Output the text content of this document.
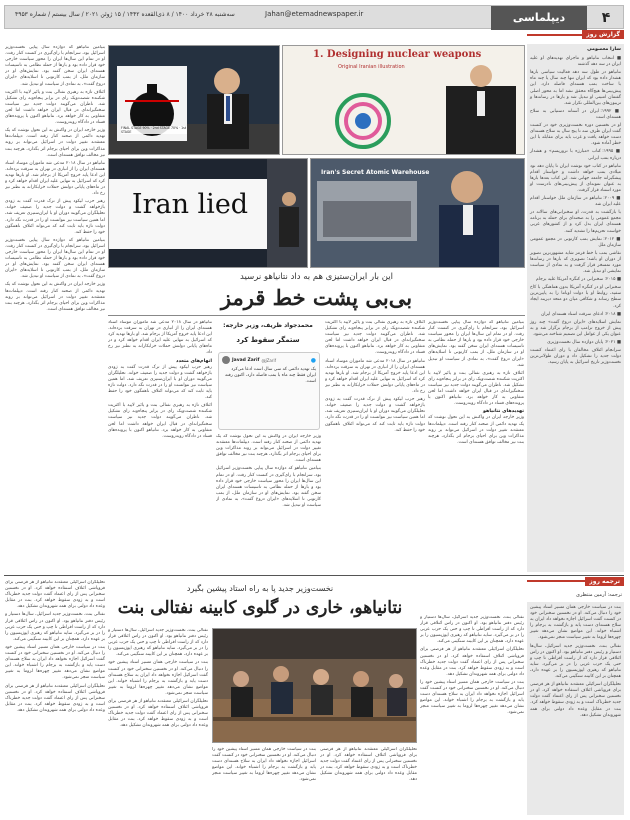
۴
دیپلماسی
Jahan@etemadnewspaper.ir
سه‌شنبه ۲۸ خرداد ۱۴۰۰ / ۸ ذی‌القعده ۱۴۴۲ / ۱۵ ژوئن ۲۰۲۱ / سال بیستم / شماره ۴۹۵۳
گزارش روز
سارا معصومی

■ انتخاب نتانیاهو و ماجرای تهدیدهای او علیه ایران در سه دهه گذشته

نتانیاهو در طول سه دهه فعالیت سیاسی بارها هشدار داده بود که ایران تنها چند سال یا چند ماه با ساخت بمب هسته‌ای فاصله دارد. این پیش‌بینی‌ها هیچ‌گاه محقق نشد اما به محور اصلی گفتمان امنیتی او تبدیل شد و بارها در رسانه‌ها و تریبون‌های بین‌المللی تکرار شد.

■ ۱۹۹۲: ایران در آستانه دستیابی به سلاح هسته‌ای است

او در نخستین دوره نخست‌وزیری خود در کنست گفت ایران ظرف سه تا پنج سال به سلاح هسته‌ای دست خواهد یافت و غرب باید برای مقابله با این خطر آماده شود.

■ ۱۹۹۵: کتاب «مبارزه با تروریسم» و هشدار درباره بمب ایرانی

نتانیاهو در کتاب خود نوشت ایران تا پایان دهه نود میلادی بمب خواهد داشت و خواستار اقدام پیشگیرانه جامعه جهانی شد. این کتاب بعدها بارها به عنوان نمونه‌ای از پیش‌بینی‌های نادرست او مورد استناد قرار گرفت.

■ ۲۰۰۹: نتانیاهو در سازمان ملل خواستار اقدام علیه ایران شد

با بازگشت به قدرت، او سخنرانی‌های سالانه در مجمع عمومی را به صحنه‌ای برای حمله به برنامه هسته‌ای ایران بدل کرد و از کشورهای غربی خواست تحریم‌ها را تشدید کنند.

■ ۲۰۱۲: نمایش بمب کارتونی در مجمع عمومی سازمان ملل

نقاشی بمب با خط قرمز شاید مشهورترین تصویر از دوران او باشد؛ تصویری که بارها در رسانه‌ها مورد تمسخر قرار گرفت و به نمادی از سیاست نمایشی او تبدیل شد.

■ ۲۰۱۵: سخنرانی در کنگره آمریکا علیه برجام

سخنرانی او در کنگره آمریکا بدون هماهنگی با کاخ سفید، روابط او با دولت اوباما را به پایین‌ترین سطح رساند و شکافی میان دو متحد دیرینه ایجاد کرد.

■ ۲۰۱۸: ادعای سرقت اسناد هسته‌ای ایران

نمایش اسلایدهای «ایران دروغ گفت» چند روز پیش از خروج ترامپ از برجام برگزار شد و به عنوان یکی از عوامل این تصمیم شناخته می‌شود.

■ ۲۰۲۱: پایان دوازده سال نخست‌وزیری

سرانجام ائتلاف مخالفان با رای اعتماد کنست دولت جدید را تشکیل داد و دوران طولانی‌ترین نخست‌وزیر تاریخ اسرائیل به پایان رسید.

FINAL STAGE 90% · 2nd STAGE 70% · 1st STAGE
1. Designing nuclear weapons
Original Iranian illustration
Iran lied
Iran's Secret Atomic Warehouse
این بار ایران‌ستیزی هم به داد نتانیاهو نرسید
بی‌بی پشت خط قرمز
محمدجواد ظریف، وزیر خارجه:
ستمگر سقوط کرد
Javad Zarif @JZarif	●
یک تهدید دائمی که سی سال است ادعا می‌کرد ایران فقط چند ماه با بمب فاصله دارد، اکنون رفته است.

بنیامین نتانیاهو که دوازده سال پیاپی نخست‌وزیر اسرائیل بود، سرانجام با رای‌گیری در کنست کنار رفت. او در تمام این سال‌ها ایران را محور سیاست خارجی خود قرار داده بود و بارها از حمله نظامی به تاسیسات هسته‌ای ایران سخن گفته بود. نمایش‌های او در سازمان ملل، از بمب کارتونی تا اسلایدهای «ایران دروغ گفت»، به نمادی از سیاست او تبدیل شد.

ائتلاف تازه به رهبری نفتالی بنت و یائیر لاپید با اکثریت شکننده شصت‌ویک رای در برابر پنجاه‌ونه رای تشکیل شد. ناظران می‌گویند دولت جدید نیز سیاست سختگیرانه‌ای در قبال ایران خواهد داشت اما لحن متفاوتی به کار خواهد برد. نتانیاهو اکنون با پرونده‌های فساد در دادگاه روبه‌روست.

تهدید‌های نتانیاهو

وزیر خارجه ایران در واکنش به این تحول نوشت که یک تهدید دائمی از صحنه کنار رفته است. دیپلمات‌ها معتقدند تغییر دولت در اسرائیل می‌تواند بر روند مذاکرات وین برای احیای برجام اثر بگذارد، هرچند بنت نیز مخالف توافق هسته‌ای است.

ائتلاف تازه به رهبری نفتالی بنت و یائیر لاپید با اکثریت شکننده شصت‌ویک رای در برابر پنجاه‌ونه رای تشکیل شد. ناظران می‌گویند دولت جدید نیز سیاست سختگیرانه‌ای در قبال ایران خواهد داشت اما لحن متفاوتی به کار خواهد برد. نتانیاهو اکنون با پرونده‌های فساد در دادگاه روبه‌روست.

نتانیاهو در سال ۲۰۱۸ مدعی شد ماموران موساد اسناد هسته‌ای ایران را از انباری در تهران به سرقت برده‌اند. این ادعا پایه خروج آمریکا از برجام شد. او بارها تهدید کرد که اسرائیل به تنهایی علیه ایران اقدام خواهد کرد و در ماه‌های پایانی دولتش حملات خرابکارانه به نطنز نیز رخ داد.

رهبر حزب لیکود پیش از ترک قدرت گفت به زودی بازخواهد گشت و دولت جدید را ضعیف خواند. تحلیلگران می‌گویند دوران او با ایران‌ستیزی تعریف شد، اما همین سیاست نیز نتوانست او را در قدرت نگه دارد. دولت تازه باید ثابت کند که می‌تواند ائتلاف ناهمگون خود را حفظ کند.

وزیر خارجه ایران در واکنش به این تحول نوشت که یک تهدید دائمی از صحنه کنار رفته است. دیپلمات‌ها معتقدند تغییر دولت در اسرائیل می‌تواند بر روند مذاکرات وین برای احیای برجام اثر بگذارد، هرچند بنت نیز مخالف توافق هسته‌ای است.

بنیامین نتانیاهو که دوازده سال پیاپی نخست‌وزیر اسرائیل بود، سرانجام با رای‌گیری در کنست کنار رفت. او در تمام این سال‌ها ایران را محور سیاست خارجی خود قرار داده بود و بارها از حمله نظامی به تاسیسات هسته‌ای ایران سخن گفته بود. نمایش‌های او در سازمان ملل، از بمب کارتونی تا اسلایدهای «ایران دروغ گفت»، به نمادی از سیاست او تبدیل شد.

نتانیاهو در سال ۲۰۱۸ مدعی شد ماموران موساد اسناد هسته‌ای ایران را از انباری در تهران به سرقت برده‌اند. این ادعا پایه خروج آمریکا از برجام شد. او بارها تهدید کرد که اسرائیل به تنهایی علیه ایران اقدام خواهد کرد و در ماه‌های پایانی دولتش حملات خرابکارانه به نطنز نیز رخ داد.

اتهام‌های متعدد

رهبر حزب لیکود پیش از ترک قدرت گفت به زودی بازخواهد گشت و دولت جدید را ضعیف خواند. تحلیلگران می‌گویند دوران او با ایران‌ستیزی تعریف شد، اما همین سیاست نیز نتوانست او را در قدرت نگه دارد. دولت تازه باید ثابت کند که می‌تواند ائتلاف ناهمگون خود را حفظ کند.

ائتلاف تازه به رهبری نفتالی بنت و یائیر لاپید با اکثریت شکننده شصت‌ویک رای در برابر پنجاه‌ونه رای تشکیل شد. ناظران می‌گویند دولت جدید نیز سیاست سختگیرانه‌ای در قبال ایران خواهد داشت اما لحن متفاوتی به کار خواهد برد. نتانیاهو اکنون با پرونده‌های فساد در دادگاه روبه‌روست.

بنیامین نتانیاهو که دوازده سال پیاپی نخست‌وزیر اسرائیل بود، سرانجام با رای‌گیری در کنست کنار رفت. او در تمام این سال‌ها ایران را محور سیاست خارجی خود قرار داده بود و بارها از حمله نظامی به تاسیسات هسته‌ای ایران سخن گفته بود. نمایش‌های او در سازمان ملل، از بمب کارتونی تا اسلایدهای «ایران دروغ گفت»، به نمادی از سیاست او تبدیل شد.

ائتلاف تازه به رهبری نفتالی بنت و یائیر لاپید با اکثریت شکننده شصت‌ویک رای در برابر پنجاه‌ونه رای تشکیل شد. ناظران می‌گویند دولت جدید نیز سیاست سختگیرانه‌ای در قبال ایران خواهد داشت اما لحن متفاوتی به کار خواهد برد. نتانیاهو اکنون با پرونده‌های فساد در دادگاه روبه‌روست.

وزیر خارجه ایران در واکنش به این تحول نوشت که یک تهدید دائمی از صحنه کنار رفته است. دیپلمات‌ها معتقدند تغییر دولت در اسرائیل می‌تواند بر روند مذاکرات وین برای احیای برجام اثر بگذارد، هرچند بنت نیز مخالف توافق هسته‌ای است.

نتانیاهو در سال ۲۰۱۸ مدعی شد ماموران موساد اسناد هسته‌ای ایران را از انباری در تهران به سرقت برده‌اند. این ادعا پایه خروج آمریکا از برجام شد. او بارها تهدید کرد که اسرائیل به تنهایی علیه ایران اقدام خواهد کرد و در ماه‌های پایانی دولتش حملات خرابکارانه به نطنز نیز رخ داد.

رهبر حزب لیکود پیش از ترک قدرت گفت به زودی بازخواهد گشت و دولت جدید را ضعیف خواند. تحلیلگران می‌گویند دوران او با ایران‌ستیزی تعریف شد، اما همین سیاست نیز نتوانست او را در قدرت نگه دارد. دولت تازه باید ثابت کند که می‌تواند ائتلاف ناهمگون خود را حفظ کند.

بنیامین نتانیاهو که دوازده سال پیاپی نخست‌وزیر اسرائیل بود، سرانجام با رای‌گیری در کنست کنار رفت. او در تمام این سال‌ها ایران را محور سیاست خارجی خود قرار داده بود و بارها از حمله نظامی به تاسیسات هسته‌ای ایران سخن گفته بود. نمایش‌های او در سازمان ملل، از بمب کارتونی تا اسلایدهای «ایران دروغ گفت»، به نمادی از سیاست او تبدیل شد.

وزیر خارجه ایران در واکنش به این تحول نوشت که یک تهدید دائمی از صحنه کنار رفته است. دیپلمات‌ها معتقدند تغییر دولت در اسرائیل می‌تواند بر روند مذاکرات وین برای احیای برجام اثر بگذارد، هرچند بنت نیز مخالف توافق هسته‌ای است.

ترجمه روز
ترجمه: آرمین منتظری
نخست‌وزیر جدید پا به راه استاد پیشین بگیرد
نتانیاهو، خاری در گلوی کابینه نفتالی بنت	نفتالی بنت، نخست‌وزیر جدید اسرائیل، سال‌ها دستیار و رئیس دفتر نتانیاهو بود. او اکنون در راس ائتلافی قرار دارد که از راست افراطی تا چپ و حتی یک حزب عربی را در بر می‌گیرد. سایه نتانیاهو که رهبری اپوزیسیون را بر عهده دارد، همچنان بر این کابینه سنگینی می‌کند.

تحلیلگران اسرائیلی معتقدند نتانیاهو از هر فرصتی برای فروپاشی ائتلاف استفاده خواهد کرد. او در نخستین سخنرانی پس از رای اعتماد گفت دولت جدید خطرناک است و به زودی سقوط خواهد کرد. بنت در مقابل وعده داد دولتی برای همه شهروندان تشکیل دهد.

بنت در سیاست خارجی همان مسیر استاد پیشین خود را دنبال می‌کند. او در نخستین سخنرانی خود در کنست گفت اسرائیل اجازه نخواهد داد ایران به سلاح هسته‌ای دست یابد و بازگشت به برجام را اشتباه خواند. این مواضع نشان می‌دهد تغییر چهره‌ها لزوما به تغییر سیاست منجر نمی‌شود.

تحلیلگران اسرائیلی معتقدند نتانیاهو از هر فرصتی برای فروپاشی ائتلاف استفاده خواهد کرد. او در نخستین سخنرانی پس از رای اعتماد گفت دولت جدید خطرناک است و به زودی سقوط خواهد کرد. بنت در مقابل وعده داد دولتی برای همه شهروندان تشکیل دهد.

بنت در سیاست خارجی همان مسیر استاد پیشین خود را دنبال می‌کند. او در نخستین سخنرانی خود در کنست گفت اسرائیل اجازه نخواهد داد ایران به سلاح هسته‌ای دست یابد و بازگشت به برجام را اشتباه خواند. این مواضع نشان می‌دهد تغییر چهره‌ها لزوما به تغییر سیاست منجر نمی‌شود.

نفتالی بنت، نخست‌وزیر جدید اسرائیل، سال‌ها دستیار و رئیس دفتر نتانیاهو بود. او اکنون در راس ائتلافی قرار دارد که از راست افراطی تا چپ و حتی یک حزب عربی را در بر می‌گیرد. سایه نتانیاهو که رهبری اپوزیسیون را بر عهده دارد، همچنان بر این کابینه سنگینی می‌کند.

بنت در سیاست خارجی همان مسیر استاد پیشین خود را دنبال می‌کند. او در نخستین سخنرانی خود در کنست گفت اسرائیل اجازه نخواهد داد ایران به سلاح هسته‌ای دست یابد و بازگشت به برجام را اشتباه خواند. این مواضع نشان می‌دهد تغییر چهره‌ها لزوما به تغییر سیاست منجر نمی‌شود.

تحلیلگران اسرائیلی معتقدند نتانیاهو از هر فرصتی برای فروپاشی ائتلاف استفاده خواهد کرد. او در نخستین سخنرانی پس از رای اعتماد گفت دولت جدید خطرناک است و به زودی سقوط خواهد کرد. بنت در مقابل وعده داد دولتی برای همه شهروندان تشکیل دهد.

تحلیلگران اسرائیلی معتقدند نتانیاهو از هر فرصتی برای فروپاشی ائتلاف استفاده خواهد کرد. او در نخستین سخنرانی پس از رای اعتماد گفت دولت جدید خطرناک است و به زودی سقوط خواهد کرد. بنت در مقابل وعده داد دولتی برای همه شهروندان تشکیل دهد.

نفتالی بنت، نخست‌وزیر جدید اسرائیل، سال‌ها دستیار و رئیس دفتر نتانیاهو بود. او اکنون در راس ائتلافی قرار دارد که از راست افراطی تا چپ و حتی یک حزب عربی را در بر می‌گیرد. سایه نتانیاهو که رهبری اپوزیسیون را بر عهده دارد، همچنان بر این کابینه سنگینی می‌کند.

بنت در سیاست خارجی همان مسیر استاد پیشین خود را دنبال می‌کند. او در نخستین سخنرانی خود در کنست گفت اسرائیل اجازه نخواهد داد ایران به سلاح هسته‌ای دست یابد و بازگشت به برجام را اشتباه خواند. این مواضع نشان می‌دهد تغییر چهره‌ها لزوما به تغییر سیاست منجر نمی‌شود.

تحلیلگران اسرائیلی معتقدند نتانیاهو از هر فرصتی برای فروپاشی ائتلاف استفاده خواهد کرد. او در نخستین سخنرانی پس از رای اعتماد گفت دولت جدید خطرناک است و به زودی سقوط خواهد کرد. بنت در مقابل وعده داد دولتی برای همه شهروندان تشکیل دهد.

بنت در سیاست خارجی همان مسیر استاد پیشین خود را دنبال می‌کند. او در نخستین سخنرانی خود در کنست گفت اسرائیل اجازه نخواهد داد ایران به سلاح هسته‌ای دست یابد و بازگشت به برجام را اشتباه خواند. این مواضع نشان می‌دهد تغییر چهره‌ها لزوما به تغییر سیاست منجر نمی‌شود.

نفتالی بنت، نخست‌وزیر جدید اسرائیل، سال‌ها دستیار و رئیس دفتر نتانیاهو بود. او اکنون در راس ائتلافی قرار دارد که از راست افراطی تا چپ و حتی یک حزب عربی را در بر می‌گیرد. سایه نتانیاهو که رهبری اپوزیسیون را بر عهده دارد، همچنان بر این کابینه سنگینی می‌کند.

تحلیلگران اسرائیلی معتقدند نتانیاهو از هر فرصتی برای فروپاشی ائتلاف استفاده خواهد کرد. او در نخستین سخنرانی پس از رای اعتماد گفت دولت جدید خطرناک است و به زودی سقوط خواهد کرد. بنت در مقابل وعده داد دولتی برای همه شهروندان تشکیل دهد.
